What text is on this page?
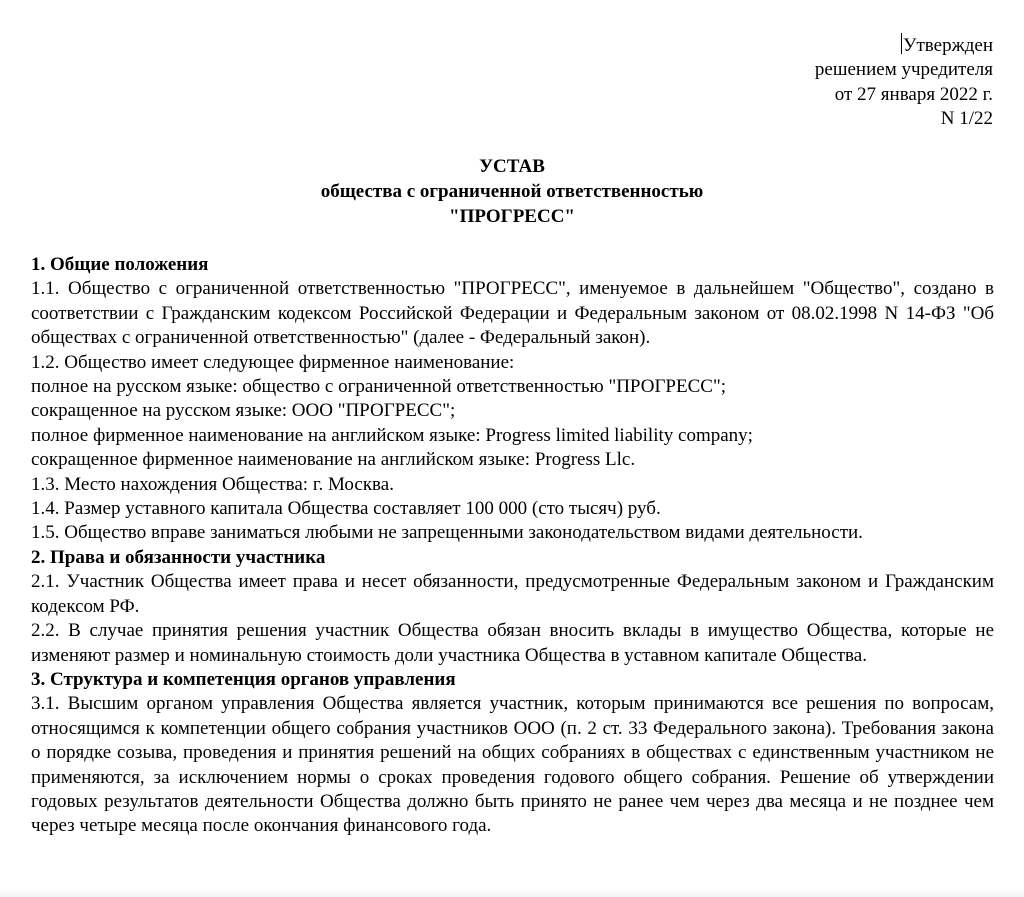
Утвержден
решением учредителя
от 27 января 2022 г.
N 1/22
УСТАВ
общества с ограниченной ответственностью
"ПРОГРЕСС"
1. Общие положения
1.1. Общество с ограниченной ответственностью "ПРОГРЕСС", именуемое в дальнейшем "Общество", создано в соответствии с Гражданским кодексом Российской Федерации и Федеральным законом от 08.02.1998 N 14-ФЗ "Об обществах с ограниченной ответственностью" (далее - Федеральный закон).
1.2. Общество имеет следующее фирменное наименование:
полное на русском языке: общество с ограниченной ответственностью "ПРОГРЕСС";
сокращенное на русском языке: ООО "ПРОГРЕСС";
полное фирменное наименование на английском языке: Progress limited liability company;
сокращенное фирменное наименование на английском языке: Progress Llc.
1.3. Место нахождения Общества: г. Москва.
1.4. Размер уставного капитала Общества составляет 100 000 (сто тысяч) руб.
1.5. Общество вправе заниматься любыми не запрещенными законодательством видами деятельности.
2. Права и обязанности участника
2.1. Участник Общества имеет права и несет обязанности, предусмотренные Федеральным законом и Гражданским кодексом РФ.
2.2. В случае принятия решения участник Общества обязан вносить вклады в имущество Общества, которые не изменяют размер и номинальную стоимость доли участника Общества в уставном капитале Общества.
3. Структура и компетенция органов управления
3.1. Высшим органом управления Общества является участник, которым принимаются все решения по вопросам, относящимся к компетенции общего собрания участников ООО (п. 2 ст. 33 Федерального закона). Требования закона о порядке созыва, проведения и принятия решений на общих собраниях в обществах с единственным участником не применяются, за исключением нормы о сроках проведения годового общего собрания. Решение об утверждении годовых результатов деятельности Общества должно быть принято не ранее чем через два месяца и не позднее чем через четыре месяца после окончания финансового года.
